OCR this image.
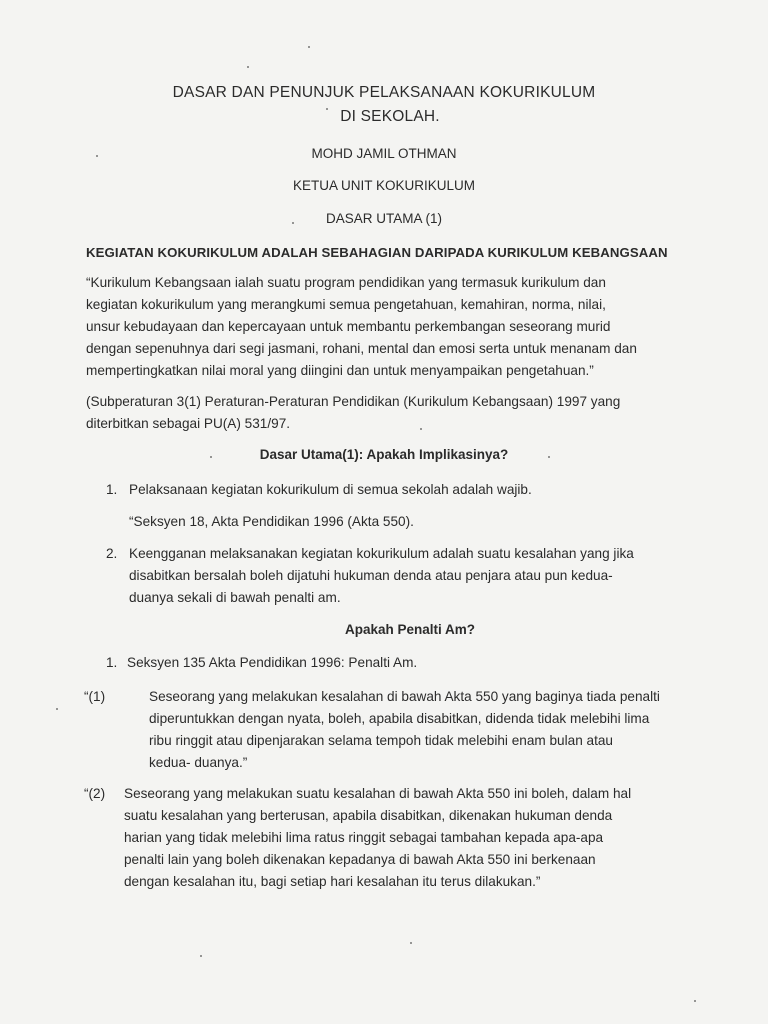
DASAR DAN PENUNJUK PELAKSANAAN KOKURIKULUM
DI SEKOLAH.
MOHD JAMIL OTHMAN
KETUA UNIT KOKURIKULUM
DASAR UTAMA (1)
KEGIATAN KOKURIKULUM ADALAH SEBAHAGIAN DARIPADA KURIKULUM KEBANGSAAN
“Kurikulum Kebangsaan ialah suatu program pendidikan yang termasuk kurikulum dan
kegiatan kokurikulum yang merangkumi semua pengetahuan, kemahiran, norma, nilai,
unsur kebudayaan dan kepercayaan untuk membantu perkembangan seseorang murid
dengan sepenuhnya dari segi jasmani, rohani, mental dan emosi serta untuk menanam dan
mempertingkatkan nilai moral yang diingini dan untuk menyampaikan pengetahuan.”
(Subperaturan 3(1) Peraturan-Peraturan Pendidikan (Kurikulum Kebangsaan) 1997 yang
diterbitkan sebagai PU(A) 531/97.
Dasar Utama(1): Apakah Implikasinya?
1. Pelaksanaan kegiatan kokurikulum di semua sekolah adalah wajib.
“Seksyen 18, Akta Pendidikan 1996 (Akta 550).
2. Keengganan melaksanakan kegiatan kokurikulum adalah suatu kesalahan yang jika
disabitkan bersalah boleh dijatuhi hukuman denda atau penjara atau pun kedua-
duanya sekali di bawah penalti am.
Apakah Penalti Am?
1. Seksyen 135 Akta Pendidikan 1996: Penalti Am.
“(1)	Seseorang yang melakukan kesalahan di bawah Akta 550 yang baginya tiada penalti
diperuntukkan dengan nyata, boleh, apabila disabitkan, didenda tidak melebihi lima
ribu ringgit atau dipenjarakan selama tempoh tidak melebihi enam bulan atau
kedua- duanya.”
“(2) Seseorang yang melakukan suatu kesalahan di bawah Akta 550 ini boleh, dalam hal
suatu kesalahan yang berterusan, apabila disabitkan, dikenakan hukuman denda
harian yang tidak melebihi lima ratus ringgit sebagai tambahan kepada apa-apa
penalti lain yang boleh dikenakan kepadanya di bawah Akta 550 ini berkenaan
dengan kesalahan itu, bagi setiap hari kesalahan itu terus dilakukan.”
